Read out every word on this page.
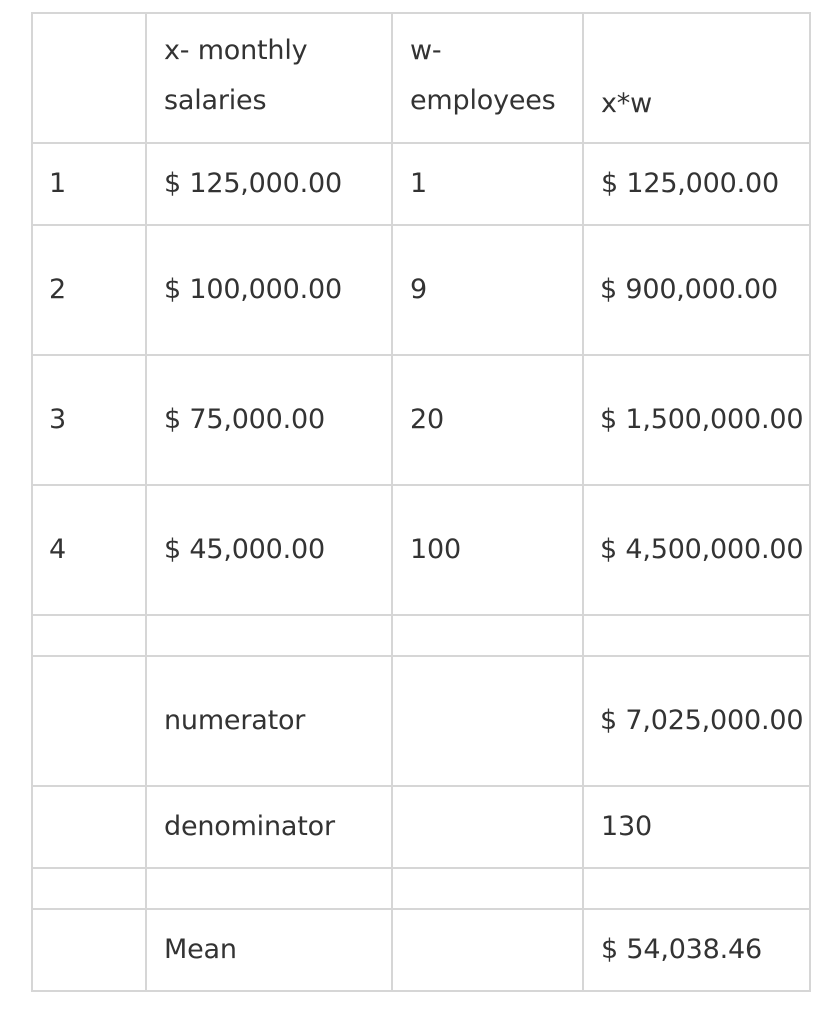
	x- monthly salaries	w- employees	x*w
1	$ 125,000.00	1	$ 125,000.00
2	$ 100,000.00	9	$ 900,000.00

3	$ 75,000.00	20	$ 1,500,000.00

4	$ 45,000.00	100	$ 4,500,000.00

	numerator		$ 7,025,000.00

	denominator		130

	Mean		$ 54,038.46
